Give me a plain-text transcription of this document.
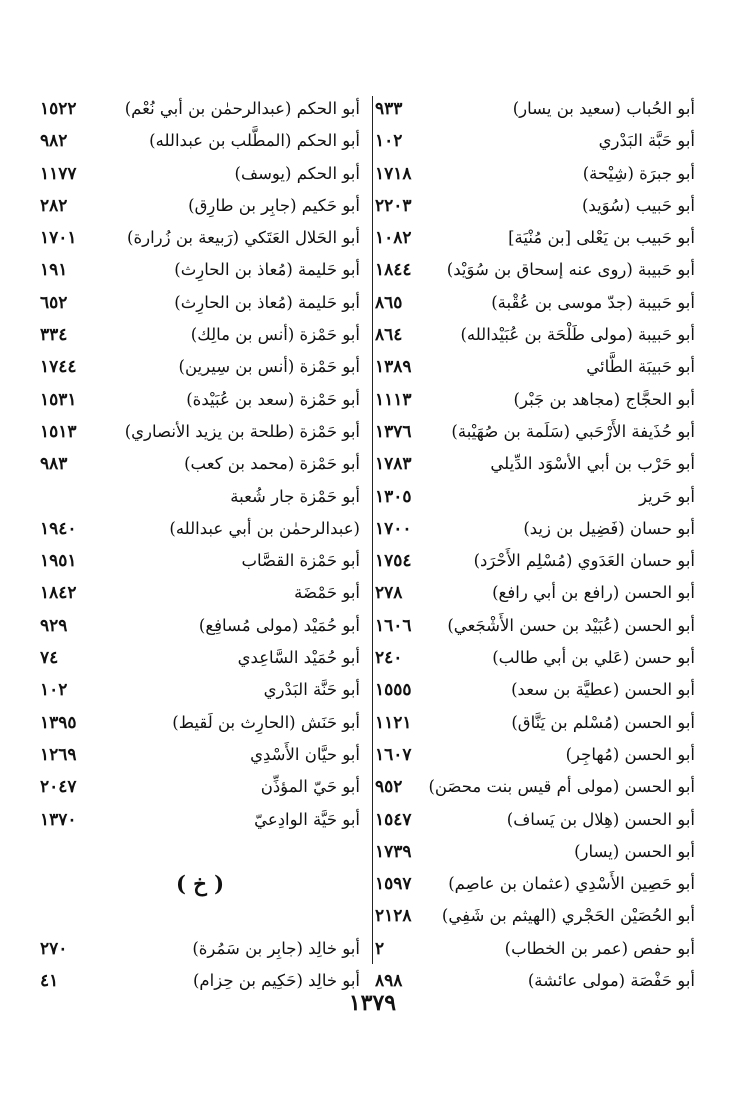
أبو الحُباب (سعيد بن يسار)
٩٣٣
أبو حَبَّة البَدْري
١٠٢
أبو جبرَة (شِيْحة)
١٧١٨
أبو حَبيب (سُوَيد)
٢٢٠٣
أبو حَبيب بن يَعْلى [بن مُنْيَة]
١٠٨٢
أبو حَبيبة (روى عنه إسحاق بن سُوَيْد)
١٨٤٤
أبو حَبيبة (جدّ موسى بن عُقْبة)
٨٦٥
أبو حَبيبة (مولى طَلْحَة بن عُبَيْدالله)
٨٦٤
أبو حَبيبَة الطَّائي
١٣٨٩
أبو الحجَّاج (مجاهد بن جَبْر)
١١١٣
أبو حُذَيفة الأَرْحَبي (سَلَمة بن صُهَيْبة)
١٣٧٦
أبو حَرْب بن أبي الأسْوَد الدِّيلي
١٧٨٣
أبو حَريز
١٣٠٥
أبو حسان (فَضِيل بن زيد)
١٧٠٠
أبو حسان العَدَوي (مُسْلِم الأَحْرَد)
١٧٥٤
أبو الحسن (رافع بن أبي رافع)
٢٧٨
أبو الحسن (عُبَيْد بن حسن الأَشْجَعي)
١٦٠٦
أبو حسن (عَلي بن أبي طالب)
٢٤٠
أبو الحسن (عطيَّة بن سعد)
١٥٥٥
أبو الحسن (مُسْلم بن يَنَّاق)
١١٢١
أبو الحسن (مُهاجِر)
١٦٠٧
أبو الحسن (مولى أم قيس بنت محصَن)
٩٥٢
أبو الحسن (هِلال بن يَساف)
١٥٤٧
أبو الحسن (يسار)
١٧٣٩
أبو حَصِين الأَسْدِي (عثمان بن عاصِم)
١٥٩٧
أبو الحُصَيْن الحَجْري (الهيثم بن شَفِي)
٢١٢٨
أبو حفص (عمر بن الخطاب)
٢
أبو حَفْصَة (مولى عائشة)
٨٩٨
أبو الحكم (عبدالرحمٰن بن أبي نُعْم)
١٥٢٢
أبو الحكم (المطَّلب بن عبدالله)
٩٨٢
أبو الحكم (يوسف)
١١٧٧
أبو حَكيم (جابِر بن طارِق)
٢٨٢
أبو الحَلال العَتَكي (رَبيعة بن زُرارة)
١٧٠١
أبو حَليمة (مُعاذ بن الحارِث)
١٩١
أبو حَليمة (مُعاذ بن الحارِث)
٦٥٢
أبو حَمْزة (أنس بن مالِك)
٣٣٤
أبو حَمْزة (أنس بن سِيرين)
١٧٤٤
أبو حَمْزة (سعد بن عُبَيْدة)
١٥٣١
أبو حَمْزة (طلحة بن يزيد الأنصاري)
١٥١٣
أبو حَمْزة (محمد بن كعب)
٩٨٣
أبو حَمْزة جار شُعبة
(عبدالرحمٰن بن أبي عبدالله)
١٩٤٠
أبو حَمْزة القصَّاب
١٩٥١
أبو حَمْضَة
١٨٤٢
أبو حُمَيْد (مولى مُسافِع)
٩٢٩
أبو حُمَيْد السَّاعِدي
٧٤
أبو حَنَّة البَدْري
١٠٢
أبو حَنَش (الحارِث بن لَقيط)
١٣٩٥
أبو حيَّان الأَسْدِي
١٢٦٩
أبو حَيّ المؤذِّن
٢٠٤٧
أبو حَيَّة الوادِعيّ
١٣٧٠
( خ )
أبو خالِد (جابِر بن سَمُرة)
٢٧٠
أبو خالِد (حَكِيم بن حِزام)
٤١
١٣٧٩
